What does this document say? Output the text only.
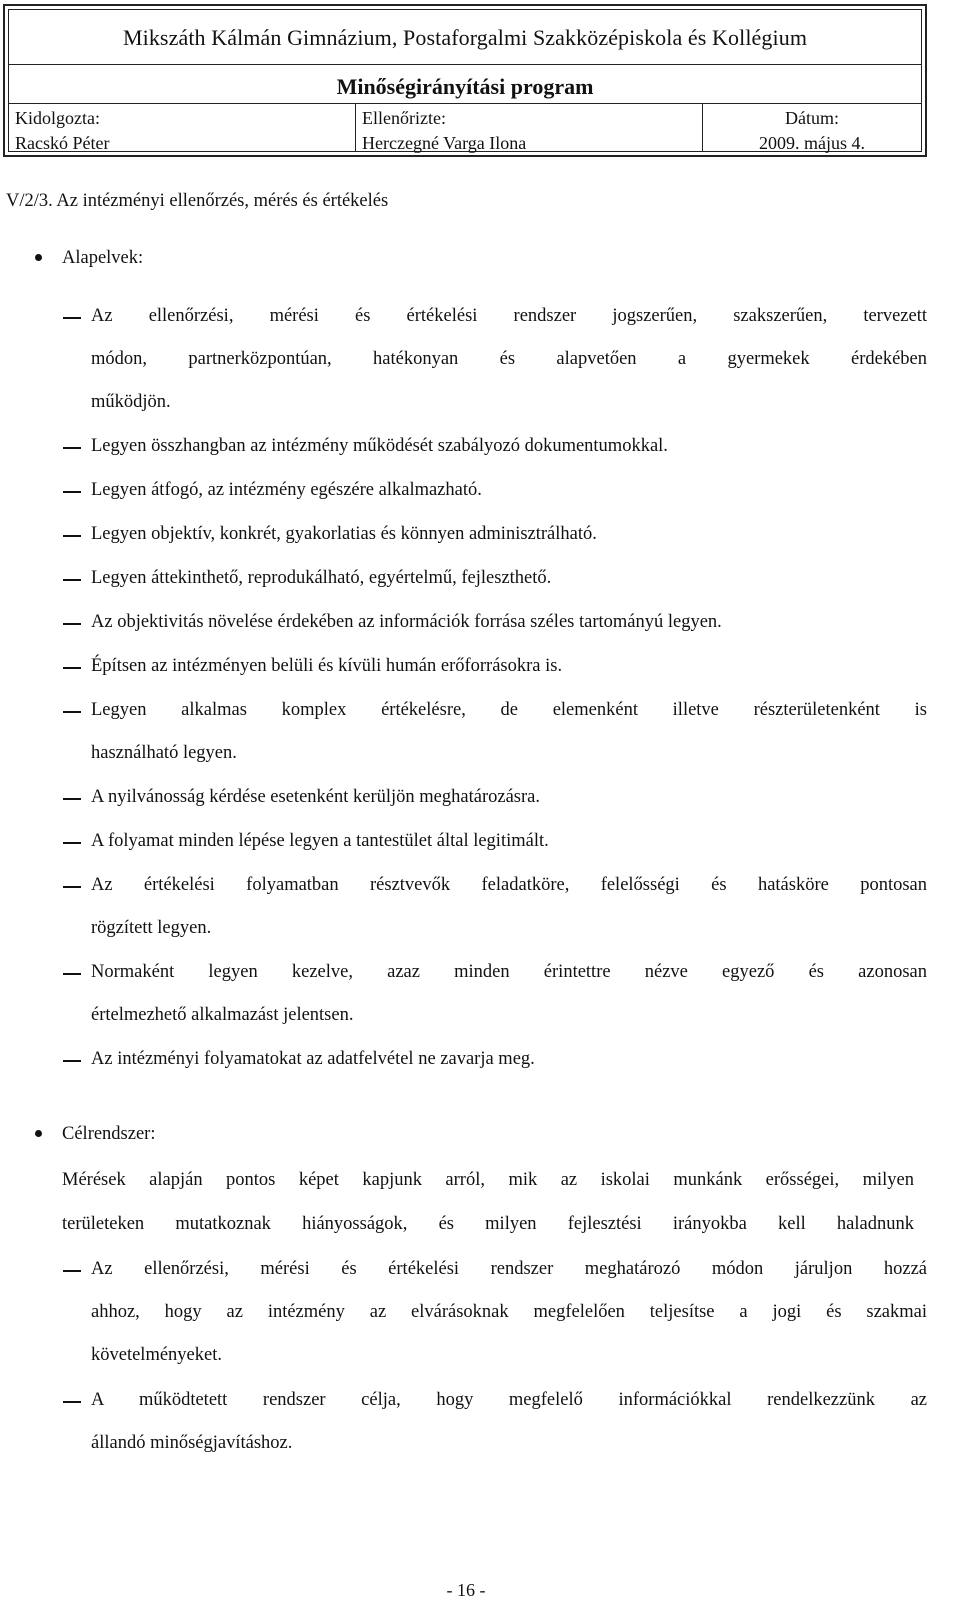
Mikszáth Kálmán Gimnázium, Postaforgalmi Szakközépiskola és Kollégium
Minőségirányítási program
Kidolgozta:
Racskó Péter
Ellenőrizte:
Herczegné Varga Ilona
Dátum:
2009. május 4.
V/2/3. Az intézményi ellenőrzés, mérés és értékelés
Alapelvek:
Célrendszer:
Mérések alapján pontos képet kapjunk arról, mik az iskolai munkánk erősségei, milyen
területeken mutatkoznak hiányosságok, és milyen fejlesztési irányokba kell haladnunk
Az ellenőrzési, mérési és értékelési rendszer jogszerűen, szakszerűen, tervezett
módon, partnerközpontúan, hatékonyan és alapvetően a gyermekek érdekében
működjön.
Legyen összhangban az intézmény működését szabályozó dokumentumokkal.
Legyen átfogó, az intézmény egészére alkalmazható.
Legyen objektív, konkrét, gyakorlatias és könnyen adminisztrálható.
Legyen áttekinthető, reprodukálható, egyértelmű, fejleszthető.
Az objektivitás növelése érdekében az információk forrása széles tartományú legyen.
Építsen az intézményen belüli és kívüli humán erőforrásokra is.
Legyen alkalmas komplex értékelésre, de elemenként illetve részterületenként is
használható legyen.
A nyilvánosság kérdése esetenként kerüljön meghatározásra.
A folyamat minden lépése legyen a tantestület által legitimált.
Az értékelési folyamatban résztvevők feladatköre, felelősségi és hatásköre pontosan
rögzített legyen.
Normaként legyen kezelve, azaz minden érintettre nézve egyező és azonosan
értelmezhető alkalmazást jelentsen.
Az intézményi folyamatokat az adatfelvétel ne zavarja meg.
Az ellenőrzési, mérési és értékelési rendszer meghatározó módon járuljon hozzá
ahhoz, hogy az intézmény az elvárásoknak megfelelően teljesítse a jogi és szakmai
követelményeket.
A működtetett rendszer célja, hogy megfelelő információkkal rendelkezzünk az
állandó minőségjavításhoz.
- 16 -
